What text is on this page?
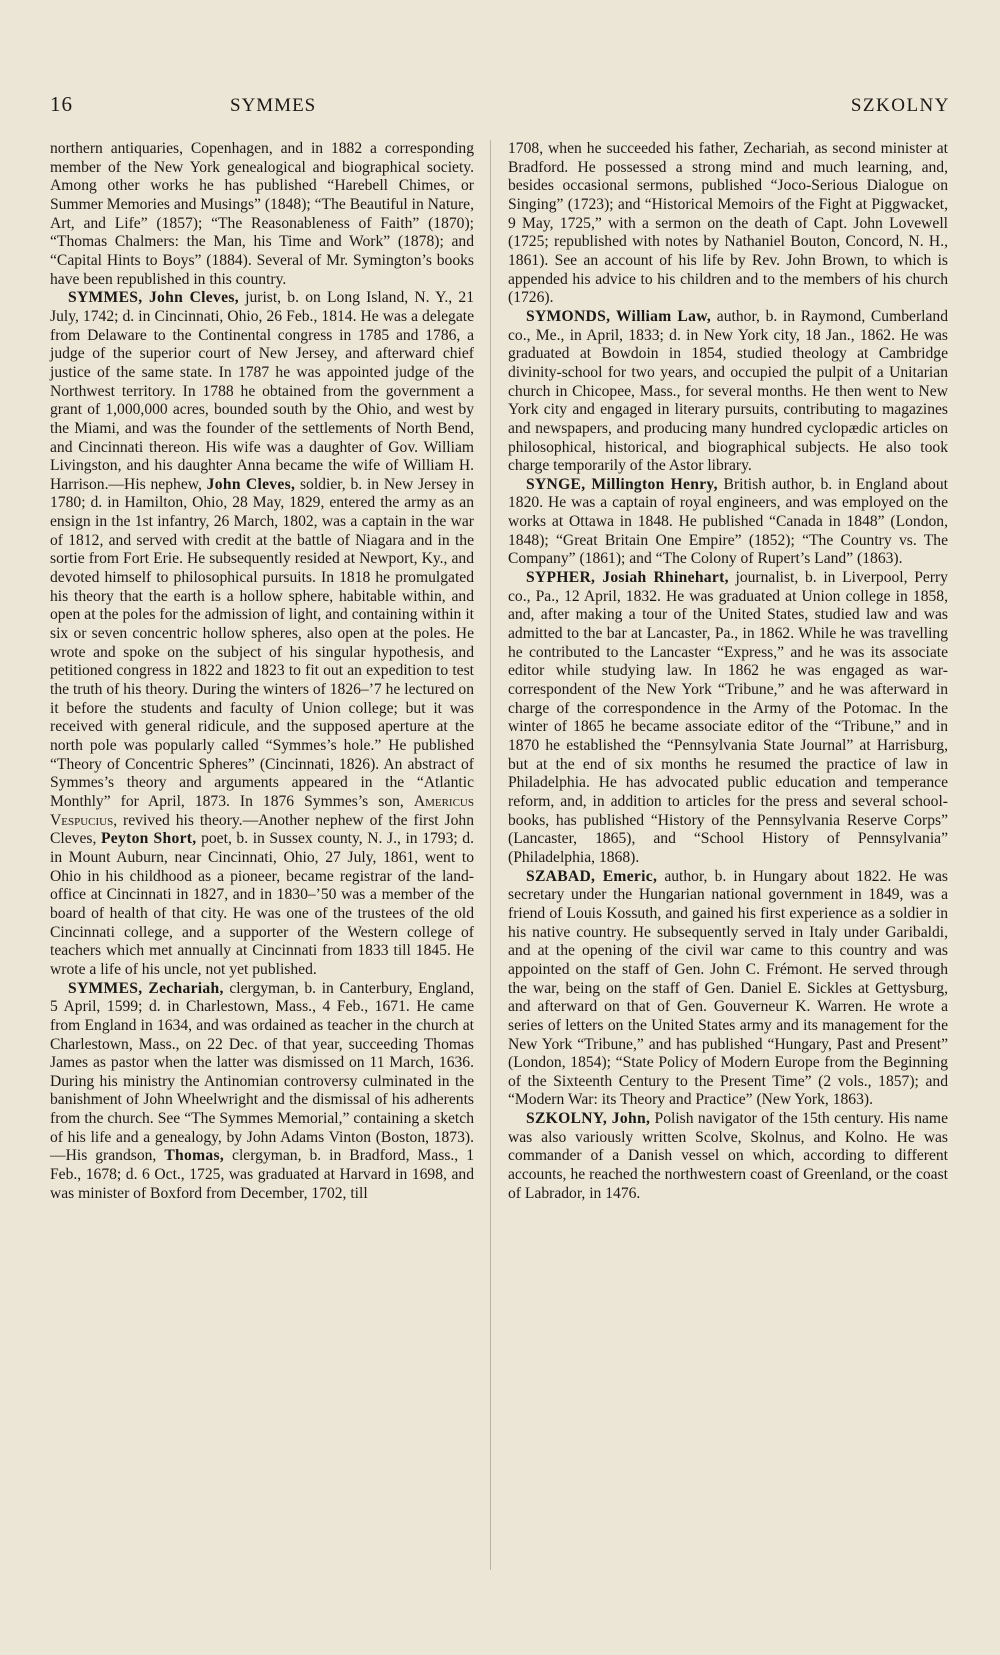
16	SYMMES	SZKOLNY

northern antiquaries, Copenhagen, and in 1882 a corresponding member of the New York genealogical and biographical society. Among other works he has published “Harebell Chimes, or Summer Memories and Musings” (1848); “The Beautiful in Nature, Art, and Life” (1857); “The Reasonableness of Faith” (1870); “Thomas Chalmers: the Man, his Time and Work” (1878); and “Capital Hints to Boys” (1884). Several of Mr. Symington’s books have been republished in this country.

SYMMES, John Cleves, jurist, b. on Long Island, N. Y., 21 July, 1742; d. in Cincinnati, Ohio, 26 Feb., 1814. He was a delegate from Delaware to the Continental congress in 1785 and 1786, a judge of the superior court of New Jersey, and afterward chief justice of the same state. In 1787 he was appointed judge of the Northwest territory. In 1788 he obtained from the government a grant of 1,000,000 acres, bounded south by the Ohio, and west by the Miami, and was the founder of the settlements of North Bend, and Cincinnati thereon. His wife was a daughter of Gov. William Livingston, and his daughter Anna became the wife of William H. Harrison.—His nephew, John Cleves, soldier, b. in New Jersey in 1780; d. in Hamilton, Ohio, 28 May, 1829, entered the army as an ensign in the 1st infantry, 26 March, 1802, was a captain in the war of 1812, and served with credit at the battle of Niagara and in the sortie from Fort Erie. He subsequently resided at Newport, Ky., and devoted himself to philosophical pursuits. In 1818 he promulgated his theory that the earth is a hollow sphere, habitable within, and open at the poles for the admission of light, and containing within it six or seven concentric hollow spheres, also open at the poles. He wrote and spoke on the subject of his singular hypothesis, and petitioned congress in 1822 and 1823 to fit out an expedition to test the truth of his theory. During the winters of 1826–’7 he lectured on it before the students and faculty of Union college; but it was received with general ridicule, and the supposed aperture at the north pole was popularly called “Symmes’s hole.” He published “Theory of Concentric Spheres” (Cincinnati, 1826). An abstract of Symmes’s theory and arguments appeared in the “Atlantic Monthly” for April, 1873. In 1876 Symmes’s son, Americus Vespucius, revived his theory.—Another nephew of the first John Cleves, Peyton Short, poet, b. in Sussex county, N. J., in 1793; d. in Mount Auburn, near Cincinnati, Ohio, 27 July, 1861, went to Ohio in his childhood as a pioneer, became registrar of the land-office at Cincinnati in 1827, and in 1830–’50 was a member of the board of health of that city. He was one of the trustees of the old Cincinnati college, and a supporter of the Western college of teachers which met annually at Cincinnati from 1833 till 1845. He wrote a life of his uncle, not yet published.

SYMMES, Zechariah, clergyman, b. in Canterbury, England, 5 April, 1599; d. in Charlestown, Mass., 4 Feb., 1671. He came from England in 1634, and was ordained as teacher in the church at Charlestown, Mass., on 22 Dec. of that year, succeeding Thomas James as pastor when the latter was dismissed on 11 March, 1636. During his ministry the Antinomian controversy culminated in the banishment of John Wheelwright and the dismissal of his adherents from the church. See “The Symmes Memorial,” containing a sketch of his life and a genealogy, by John Adams Vinton (Boston, 1873).—His grandson, Thomas, clergyman, b. in Bradford, Mass., 1 Feb., 1678; d. 6 Oct., 1725, was graduated at Harvard in 1698, and was minister of Boxford from December, 1702, till

1708, when he succeeded his father, Zechariah, as second minister at Bradford. He possessed a strong mind and much learning, and, besides occasional sermons, published “Joco-Serious Dialogue on Singing” (1723); and “Historical Memoirs of the Fight at Piggwacket, 9 May, 1725,” with a sermon on the death of Capt. John Lovewell (1725; republished with notes by Nathaniel Bouton, Concord, N. H., 1861). See an account of his life by Rev. John Brown, to which is appended his advice to his children and to the members of his church (1726).

SYMONDS, William Law, author, b. in Raymond, Cumberland co., Me., in April, 1833; d. in New York city, 18 Jan., 1862. He was graduated at Bowdoin in 1854, studied theology at Cambridge divinity-school for two years, and occupied the pulpit of a Unitarian church in Chicopee, Mass., for several months. He then went to New York city and engaged in literary pursuits, contributing to magazines and newspapers, and producing many hundred cyclopædic articles on philosophical, historical, and biographical subjects. He also took charge temporarily of the Astor library.

SYNGE, Millington Henry, British author, b. in England about 1820. He was a captain of royal engineers, and was employed on the works at Ottawa in 1848. He published “Canada in 1848” (London, 1848); “Great Britain One Empire” (1852); “The Country vs. The Company” (1861); and “The Colony of Rupert’s Land” (1863).

SYPHER, Josiah Rhinehart, journalist, b. in Liverpool, Perry co., Pa., 12 April, 1832. He was graduated at Union college in 1858, and, after making a tour of the United States, studied law and was admitted to the bar at Lancaster, Pa., in 1862. While he was travelling he contributed to the Lancaster “Express,” and he was its associate editor while studying law. In 1862 he was engaged as war-correspondent of the New York “Tribune,” and he was afterward in charge of the correspondence in the Army of the Potomac. In the winter of 1865 he became associate editor of the “Tribune,” and in 1870 he established the “Pennsylvania State Journal” at Harrisburg, but at the end of six months he resumed the practice of law in Philadelphia. He has advocated public education and temperance reform, and, in addition to articles for the press and several school-books, has published “History of the Pennsylvania Reserve Corps” (Lancaster, 1865), and “School History of Pennsylvania” (Philadelphia, 1868).

SZABAD, Emeric, author, b. in Hungary about 1822. He was secretary under the Hungarian national government in 1849, was a friend of Louis Kossuth, and gained his first experience as a soldier in his native country. He subsequently served in Italy under Garibaldi, and at the opening of the civil war came to this country and was appointed on the staff of Gen. John C. Frémont. He served through the war, being on the staff of Gen. Daniel E. Sickles at Gettysburg, and afterward on that of Gen. Gouverneur K. Warren. He wrote a series of letters on the United States army and its management for the New York “Tribune,” and has published “Hungary, Past and Present” (London, 1854); “State Policy of Modern Europe from the Beginning of the Sixteenth Century to the Present Time” (2 vols., 1857); and “Modern War: its Theory and Practice” (New York, 1863).

SZKOLNY, John, Polish navigator of the 15th century. His name was also variously written Scolve, Skolnus, and Kolno. He was commander of a Danish vessel on which, according to different accounts, he reached the northwestern coast of Greenland, or the coast of Labrador, in 1476.
